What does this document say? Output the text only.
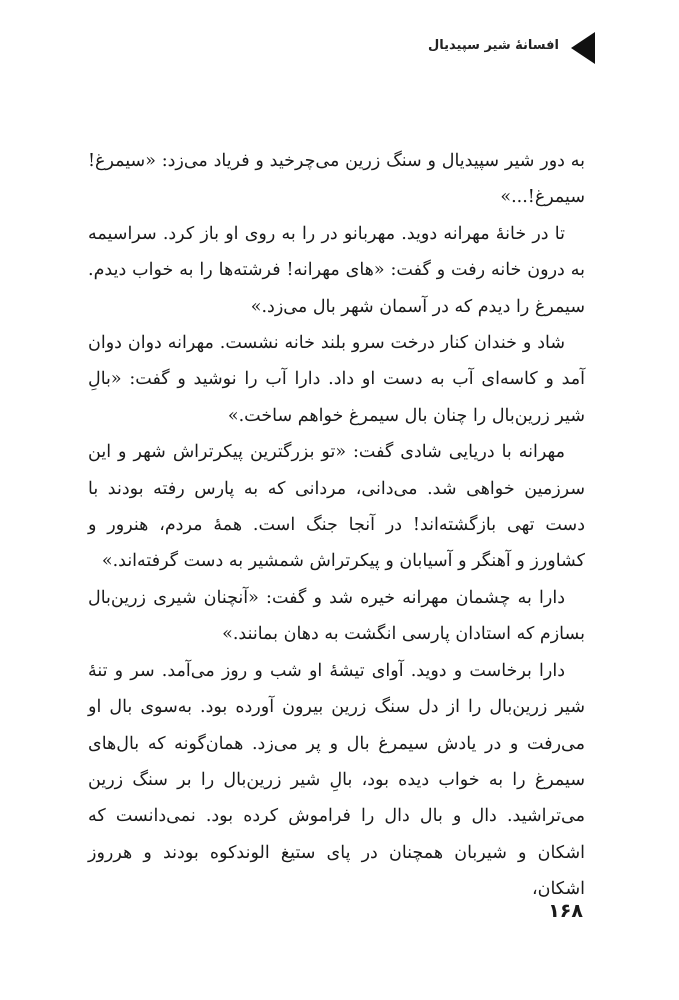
افسانهٔ شیر سپیدیال

به دور شیر سپیدیال و سنگ زرین می‌چرخید و فریاد می‌زد: «سیمرغ! سیمرغ!...»

تا در خانهٔ مهرانه دوید. مهربانو در را به روی او باز کرد. سراسیمه به درون خانه رفت و گفت: «های مهرانه! فرشته‌ها را به خواب دیدم. سیمرغ را دیدم که در آسمان شهر بال می‌زد.»

شاد و خندان کنار درخت سرو بلند خانه نشست. مهرانه دوان دوان آمد و کاسه‌ای آب به دست او داد. دارا آب را نوشید و گفت: «بالِ شیر زرین‌بال را چنان بال سیمرغ خواهم ساخت.»

مهرانه با دریایی شادی گفت: «تو بزرگترین پیکرتراش شهر و این سرزمین خواهی شد. می‌دانی، مردانی که به پارس رفته بودند با دست تهی بازگشته‌اند! در آنجا جنگ است. همهٔ مردم، هنرور و کشاورز و آهنگر و آسیابان و پیکرتراش شمشیر به دست گرفته‌اند.»

دارا به چشمان مهرانه خیره شد و گفت: «آنچنان شیری زرین‌بال بسازم که استادان پارسی انگشت به دهان بمانند.»

دارا برخاست و دوید. آوای تیشهٔ او شب و روز می‌آمد. سر و تنهٔ شیر زرین‌بال را از دل سنگ زرین بیرون آورده بود. به‌سوی بال او می‌رفت و در یادش سیمرغ بال و پر می‌زد. همان‌گونه که بال‌های سیمرغ را به خواب دیده بود، بالِ شیر زرین‌بال را بر سنگ زرین می‌تراشید. دال و بال دال را فراموش کرده بود. نمی‌دانست که اشکان و شیربان همچنان در پای ستیغ الوندکوه بودند و هرروز اشکان،

۱۶۸
